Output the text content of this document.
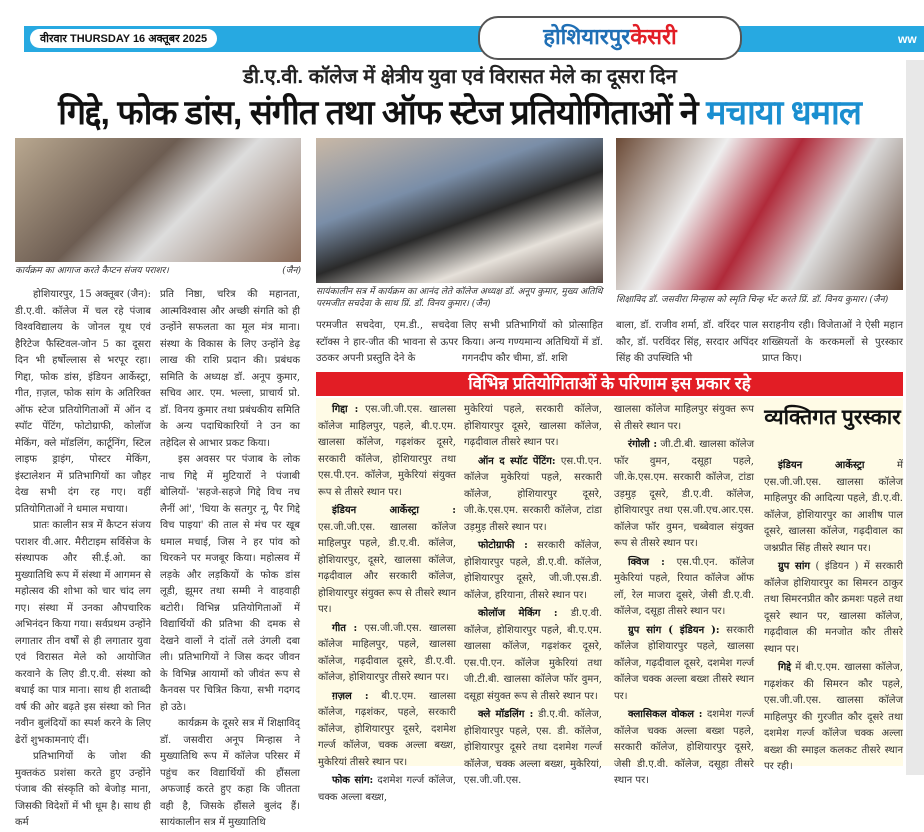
वीरवार THURSDAY 16 अक्तूबर 2025	होशियारपुरकेसरी	ww
डी.ए.वी. कॉलेज में क्षेत्रीय युवा एवं विरासत मेले का दूसरा दिन
गिद्दे, फोक डांस, संगीत तथा ऑफ स्टेज प्रतियोगिताओं ने मचाया धमाल
कार्यक्रम का आगाज करते कैप्टन संजय पराशर।	(जैन)
सायंकालीन सत्र में कार्यक्रम का आनंद लेते कॉलेज अध्यक्ष डॉ. अनूप कुमार, मुख्य अतिथि परमजीत सचदेवा के साथ प्रिं. डॉ. विनय कुमार। (जैन)	शिक्षाविद डॉ. जसवीरा मिन्हास को स्मृति चिन्ह भेंट करते प्रिं. डॉ. विनय कुमार। (जैन)

होशियारपुर, 15 अक्तूबर (जैन): डी.ए.वी. कॉलेज में चल रहे पंजाब विश्वविद्यालय के जोनल यूथ एवं हैरिटेज फैस्टिवल-जोन 5 का दूसरा दिन भी हर्षोल्लास से भरपूर रहा। गिद्दा, फोक डांस, इंडियन आर्केस्ट्रा, गीत, ग़ज़ल, फोक सांग के अतिरिक्त ऑफ स्टेज प्रतियोगिताओं में ऑन द स्पॉट पेंटिंग, फोटोग्राफी, कोलॉज मेकिंग, क्ले मॉडलिंग, कार्टूनिंग, स्टिल लाइफ ड्राइंग, पोस्टर मेकिंग, इंस्टालेशन में प्रतिभागियों का जौहर देख सभी दंग रह गए। वहीं प्रतियोगिताओं ने धमाल मचाया।

प्रातः कालीन सत्र में कैप्टन संजय पराशर वी.आर. मैरीटाइम सर्विसेज के संस्थापक और सी.ई.ओ. का मुख्यातिथि रूप में संस्था में आगमन से महोत्सव की शोभा को चार चांद लग गए। संस्था में उनका औपचारिक अभिनंदन किया गया। सर्वप्रथम उन्होंने लगातार तीन वर्षों से ही लगातार युवा एवं विरासत मेले को आयोजित करवाने के लिए डी.ए.वी. संस्था को बधाई का पात्र माना। साथ ही शताब्दी वर्ष की ओर बढ़ते इस संस्था को नित नवीन बुलंदियों का स्पर्श करने के लिए ढेरों शुभकामनाएं दीं।

प्रतिभागियों के जोश की मुक्तकंठ प्रशंसा करते हुए उन्होंने पंजाब की संस्कृति को बेजोड़ माना, जिसकी विदेशों में भी धूम है। साथ ही कर्म

प्रति निष्ठा, चरित्र की महानता, आत्मविश्वास और अच्छी संगति को ही उन्होंने सफलता का मूल मंत्र माना। संस्था के विकास के लिए उन्होंने डेढ़ लाख की राशि प्रदान की। प्रबंधक समिति के अध्यक्ष डॉ. अनूप कुमार, सचिव आर. एम. भल्ला, प्राचार्य प्रो. डॉ. विनय कुमार तथा प्रबंधकीय समिति के अन्य पदाधिकारियों ने उन का तहेदिल से आभार प्रकट किया।

इस अवसर पर पंजाब के लोक नाच गिद्दे में मुटियारों ने पंजाबी बोलियों- 'सहजे-सहजे गिद्दे विच नच लैनीं आं', 'धिया के सतगुर नू, पैर गिद्दे विच पाइया' की ताल से मंच पर खूब धमाल मचाई, जिस ने हर पांव को थिरकने पर मजबूर किया। महोत्सव में लड़के और लड़कियों के फोक डांस लूडी, झूमर तथा सम्मी ने वाहवाही बटोरी। विभिन्न प्रतियोगिताओं में विद्यार्थियों की प्रतिभा की दमक से देखने वालों ने दांतों तले उंगली दबा ली। प्रतिभागियों ने जिस कदर जीवन के विभिन्न आयामों को जीवंत रूप से कैनवस पर चित्रित किया, सभी गदगद हो उठे।

कार्यक्रम के दूसरे सत्र में शिक्षाविद् डॉ. जसवीरा अनूप मिन्हास ने मुख्यातिथि रूप में कॉलेज परिसर में पहुंच कर विद्यार्थियों की हौंसला अफजाई करते हुए कहा कि जीतता वही है, जिसके हौंसले बुलंद हैं। सायंकालीन सत्र में मुख्यातिथि

परमजीत सचदेवा, एम.डी., सचदेवा स्टॉक्स ने हार-जीत की भावना से ऊपर उठकर अपनी प्रस्तुति देने के

लिए सभी प्रतिभागियों को प्रोत्साहित किया। अन्य गण्यमान्य अतिथियों में डॉ. गगनदीप कौर चीमा, डॉ. शशि

बाला, डॉ. राजीव शर्मा, डॉ. वरिंदर पाल कौर, डॉ. परविंदर सिंह, सरदार अपिंदर सिंह की उपस्थिति भी

सराहनीय रही। विजेताओं ने ऐसी महान शख्सियतों के करकमलों से पुरस्कार प्राप्त किए।

विभिन्न प्रतियोगिताओं के परिणाम इस प्रकार रहे

गिद्दा : एस.जी.जी.एस. खालसा कॉलेज माहिलपुर, पहले, बी.ए.एम. खालसा कॉलेज, गढ़शंकर दूसरे, सरकारी कॉलेज, होशियारपुर तथा एस.पी.एन. कॉलेज, मुकेरियां संयुक्त रूप से तीसरे स्थान पर।

इंडियन आर्केस्ट्रा : एस.जी.जी.एस. खालसा कॉलेज माहिलपुर पहले, डी.ए.वी. कॉलेज, होशियारपुर, दूसरे, खालसा कॉलेज, गढ़दीवाल और सरकारी कॉलेज, होशियारपुर संयुक्त रूप से तीसरे स्थान पर।

गीत : एस.जी.जी.एस. खालसा कॉलेज माहिलपुर, पहले, खालसा कॉलेज, गढ़दीवाल दूसरे, डी.ए.वी. कॉलेज, होशियारपुर तीसरे स्थान पर।

ग़ज़ल : बी.ए.एम. खालसा कॉलेज, गढ़शंकर, पहले, सरकारी कॉलेज, होशियारपुर दूसरे, दशमेश गर्ल्ज कॉलेज, चक्क अल्ला बख्श, मुकेरियां तीसरे स्थान पर।

फोक सांग: दशमेश गर्ल्ज कॉलेज, चक्क अल्ला बख्श,

मुकेरियां पहले, सरकारी कॉलेज, होशियारपुर दूसरे, खालसा कॉलेज, गढ़दीवाल तीसरे स्थान पर।

ऑन द स्पॉट पेंटिंग: एस.पी.एन. कॉलेज मुकेरियां पहले, सरकारी कॉलेज, होशियारपुर दूसरे, जी.के.एस.एम. सरकारी कॉलेज, टांडा उड़मुड़ तीसरे स्थान पर।

फोटोग्राफी : सरकारी कॉलेज, होशियारपुर पहले, डी.ए.वी. कॉलेज, होशियारपुर दूसरे, जी.जी.एस.डी. कॉलेज, हरियाना, तीसरे स्थान पर।

कोलॉज मेकिंग : डी.ए.वी. कॉलेज, होशियारपुर पहले, बी.ए.एम. खालसा कॉलेज, गढ़शंकर दूसरे, एस.पी.एन. कॉलेज मुकेरियां तथा जी.टी.बी. खालसा कॉलेज फॉर वुमन, दसूहा संयुक्त रूप से तीसरे स्थान पर।

क्ले मॉडलिंग : डी.ए.वी. कॉलेज, होशियारपुर पहले, एस. डी. कॉलेज, होशियारपुर दूसरे तथा दशमेश गर्ल्ज कॉलेज, चक्क अल्ला बख्श, मुकेरियां, एस.जी.जी.एस.

खालसा कॉलेज माहिलपुर संयुक्त रूप से तीसरे स्थान पर।

रंगोली : जी.टी.बी. खालसा कॉलेज फॉर वुमन, दसूहा पहले, जी.के.एस.एम. सरकारी कॉलेज, टांडा उड़मुड़ दूसरे, डी.ए.वी. कॉलेज, होशियारपुर तथा एस.जी.एच.आर.एस. कॉलेज फॉर वुमन, चब्बेवाल संयुक्त रूप से तीसरे स्थान पर।

क्विज : एस.पी.एन. कॉलेज मुकेरियां पहले, रियात कॉलेज ऑफ लॉ, रेल माजरा दूसरे, जेसी डी.ए.वी. कॉलेज, दसूहा तीसरे स्थान पर।

ग्रुप सांग ( इंडियन ): सरकारी कॉलेज होशियारपुर पहले, खालसा कॉलेज, गढ़दीवाल दूसरे, दशमेश गर्ल्ज कॉलेज चक्क अल्ला बख्श तीसरे स्थान पर।

क्लासिकल वोकल : दशमेश गर्ल्ज कॉलेज चक्क अल्ला बख्श पहले, सरकारी कॉलेज, होशियारपुर दूसरे, जेसी डी.ए.वी. कॉलेज, दसूहा तीसरे स्थान पर।

व्यक्तिगत पुरस्कार

इंडियन आर्केस्ट्रा	में एस.जी.जी.एस. खालसा कॉलेज माहिलपुर की आदित्या पहले, डी.ए.वी. कॉलेज, होशियारपुर का आशीष पाल दूसरे, खालसा कॉलेज, गढ़दीवाल का जश्नप्रीत सिंह तीसरे स्थान पर।

ग्रुप सांग ( इंडियन ) में सरकारी कॉलेज होशियारपुर का सिमरन ठाकुर तथा सिमरनप्रीत कौर क्रमशः पहले तथा दूसरे स्थान पर, खालसा कॉलेज, गढ़दीवाल की मनजोत कौर तीसरे स्थान पर।

गिद्दे में बी.ए.एम. खालसा कॉलेज, गढ़शंकर की सिमरन कौर पहले, एस.जी.जी.एस. खालसा कॉलेज माहिलपुर की गुरजीत कौर दूसरे तथा दशमेश गर्ल्ज कॉलेज चक्क अल्ला बख्श की स्माइल कलकट तीसरे स्थान पर रही।
